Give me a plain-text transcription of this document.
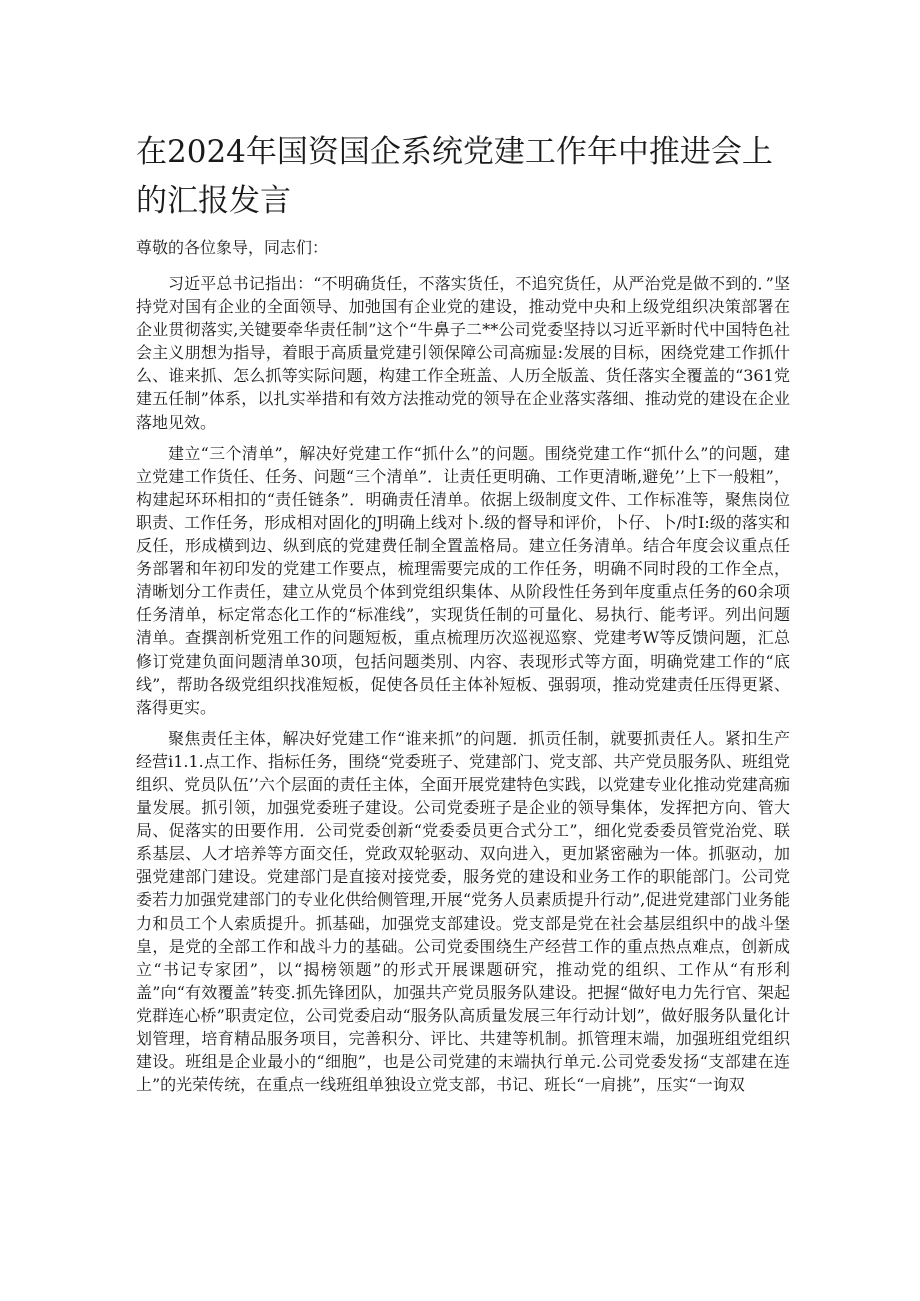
在2024年国资国企系统党建工作年中推进会上的汇报发言

尊敬的各位象导，同志们：

习近平总书记指出：“不明确货任，不落实货任，不追究货任，从严治党是做不到的．”坚持党对国有企业的全面领导、加弛国有企业党的建设，推动党中央和上级党组织决策部署在企业贯彻落实,关键要牵华责任制”这个“牛鼻子二**公司党委坚持以习近平新时代中国特色社会主义朋想为指导，着眼于高质量党建引领保障公司高痂显:发展的目标，困绕党建工作抓什么、谁来抓、怎么抓等实际问题，构建工作全班盖、人历全版盖、货任落实全覆盖的“361党建五任制”体系，以扎实举措和有效方法推动党的领导在企业落实落细、推动党的建设在企业落地见效。

建立“三个清单”，解决好党建工作“抓什么”的问题。围绕党建工作“抓什么”的问题，建立党建工作货任、任务、问题“三个清单”．让责任更明确、工作更清晰,避免’’上下一般粗”，构建起环环相扣的“责任链条”．明确责任清单。依据上级制度文件、工作标准等，聚焦岗位职责、工作任务，形成相对固化的J明确上线对卜.级的督导和评价，卜仔、卜/时I:级的落实和反任，形成横到边、纵到底的党建费任制全置盖格局。建立任务清单。结合年度会议重点任务部署和年初印发的党建工作要点，梳理需要完成的工作任务，明确不同时段的工作全点，清晰划分工作责任，建立从党员个体到党组织集体、从阶段性任务到年度重点任务的60余项任务清单，标定常态化工作的“标准线”，实现货任制的可量化、易执行、能考评。列出问题清单。查撰剖析党殂工作的问题短板，重点梳理历次巡视巡察、党建考W等反馈问题，汇总修订党建负面问题清单30项，包括问题类別、内容、表现形式等方面，明确党建工作的“底线”，帮助各级党组织找准短板，促使各员任主体补短板、强弱项，推动党建责任压得更紧、落得更实。

聚焦责任主体，解决好党建工作“谁来抓”的问题．抓贡任制，就要抓责任人。紧扣生产经营i1.1.点工作、指标任务，围绕“党委班子、党建部门、党支部、共产党员服务队、班组党组织、党员队伍’’六个层面的责任主体，全面开展党建特色实践，以党建专业化推动党建高痂量发展。抓引领，加强党委班子建设。公司党委班子是企业的领导集体，发挥把方向、管大局、促落实的田要作用．公司党委创新“党委委员更合式分工”，细化党委委员管党治党、联系基层、人才培养等方面交任，党政双轮驱动、双向进入，更加紧密融为一体。抓驱动，加强党建部门建设。党建部门是直接对接党委，服务党的建设和业务工作的职能部门。公司党委若力加强党建部门的专业化供给侧管理,开展“党务人员素质提升行动”,促进党建部门业务能力和员工个人索质提升。抓基础，加强党支部建设。党支部是党在社会基层组织中的战斗堡皇，是党的全部工作和战斗力的基础。公司党委围绕生产经营工作的重点热点难点，创新成立“书记专家团”，以“揭榜领题”的形式开展课题研究，推动党的组织、工作从“有形利盖”向“有效覆盖”转变.抓先锋团队，加强共产党员服务队建设。把握“做好电力先行官、架起党群连心桥”职责定位，公司党委启动“服务队高质量发展三年行动计划”，做好服务队量化计划管理，培育精品服务项目，完善积分、评比、共建等机制。抓管理末端，加强班组党组织建设。班组是企业最小的“细胞”，也是公司党建的末端执行单元.公司党委发扬“支部建在连上”的光荣传统，在重点一线班组单独设立党支部，书记、班长“一肩挑”，压实“一询双
